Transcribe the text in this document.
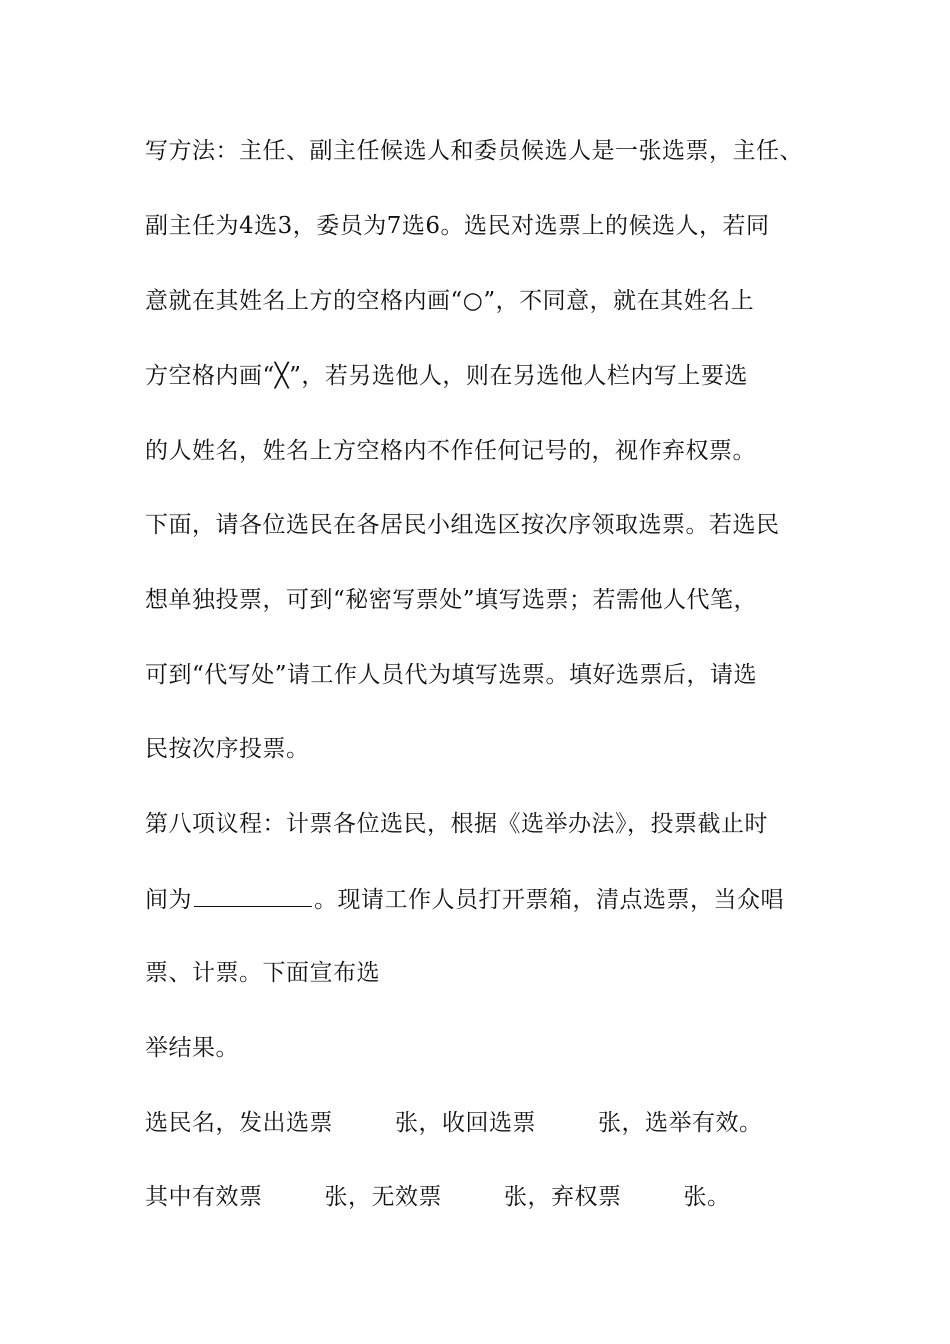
写方法：主任、副主任候选人和委员候选人是一张选票，主任、
副主任为4选3，委员为7选6。选民对选票上的候选人，若同
意就在其姓名上方的空格内画“○”，不同意，就在其姓名上
方空格内画“╳”，若另选他人，则在另选他人栏内写上要选
的人姓名，姓名上方空格内不作任何记号的，视作弃权票。
下面，请各位选民在各居民小组选区按次序领取选票。若选民
想单独投票，可到“秘密写票处”填写选票；若需他人代笔，
可到“代写处”请工作人员代为填写选票。填好选票后，请选
民按次序投票。
第八项议程：计票各位选民，根据《选举办法》，投票截止时
间为	。现请工作人员打开票箱，清点选票，当众唱
票、计票。下面宣布选
举结果。
选民名，发出选票	张，收回选票	张，选举有效。
其中有效票	张，无效票	张，弃权票	张。
